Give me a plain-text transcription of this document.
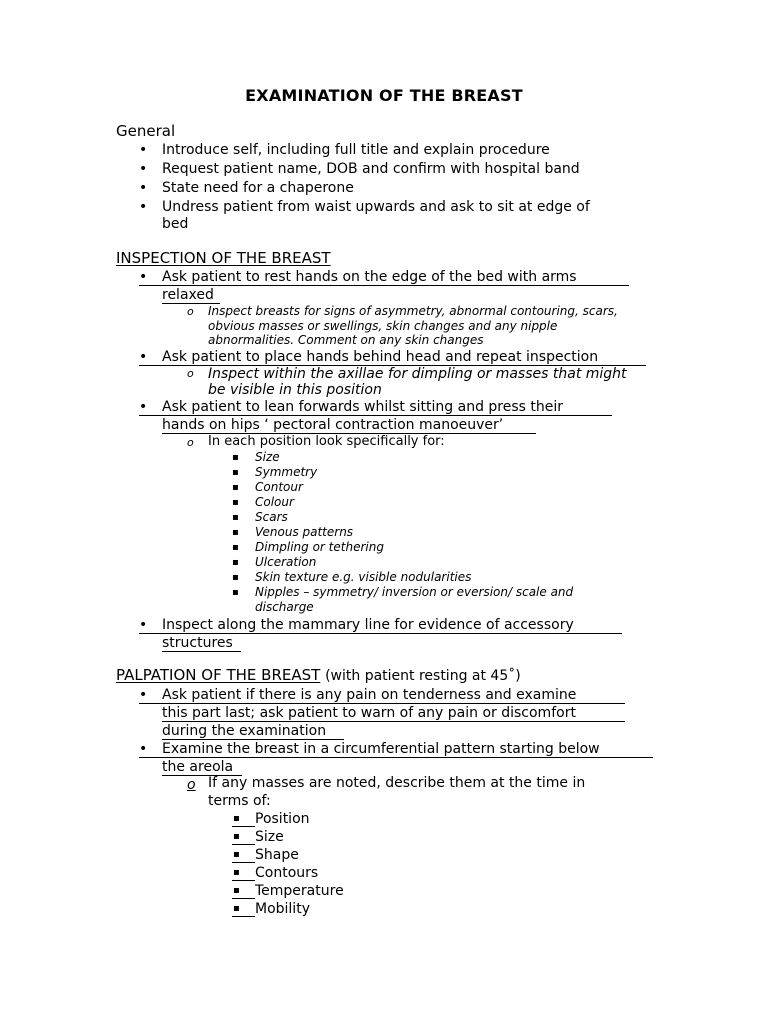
EXAMINATION OF THE BREAST
General
• Introduce self, including full title and explain procedure
• Request patient name, DOB and confirm with hospital band
• State need for a chaperone
• Undress patient from waist upwards and ask to sit at edge of
bed
INSPECTION OF THE BREAST
• Ask patient to rest hands on the edge of the bed with arms
relaxed
o Inspect breasts for signs of asymmetry, abnormal contouring, scars,
obvious masses or swellings, skin changes and any nipple
abnormalities. Comment on any skin changes
• Ask patient to place hands behind head and repeat inspection
o Inspect within the axillae for dimpling or masses that might
be visible in this position
• Ask patient to lean forwards whilst sitting and press their
hands on hips ‘ pectoral contraction manoeuver’
o In each position look specifically for:
▪ Size
▪ Symmetry
▪ Contour
▪ Colour
▪ Scars
▪ Venous patterns
▪ Dimpling or tethering
▪ Ulceration
▪ Skin texture e.g. visible nodularities
▪ Nipples – symmetry/ inversion or eversion/ scale and
discharge
• Inspect along the mammary line for evidence of accessory
structures
PALPATION OF THE BREAST (with patient resting at 45˚)
• Ask patient if there is any pain on tenderness and examine
this part last; ask patient to warn of any pain or discomfort
during the examination
• Examine the breast in a circumferential pattern starting below
the areola
o If any masses are noted, describe them at the time in
terms of:
▪ Position
▪ Size
▪ Shape
▪ Contours
▪ Temperature
▪ Mobility
